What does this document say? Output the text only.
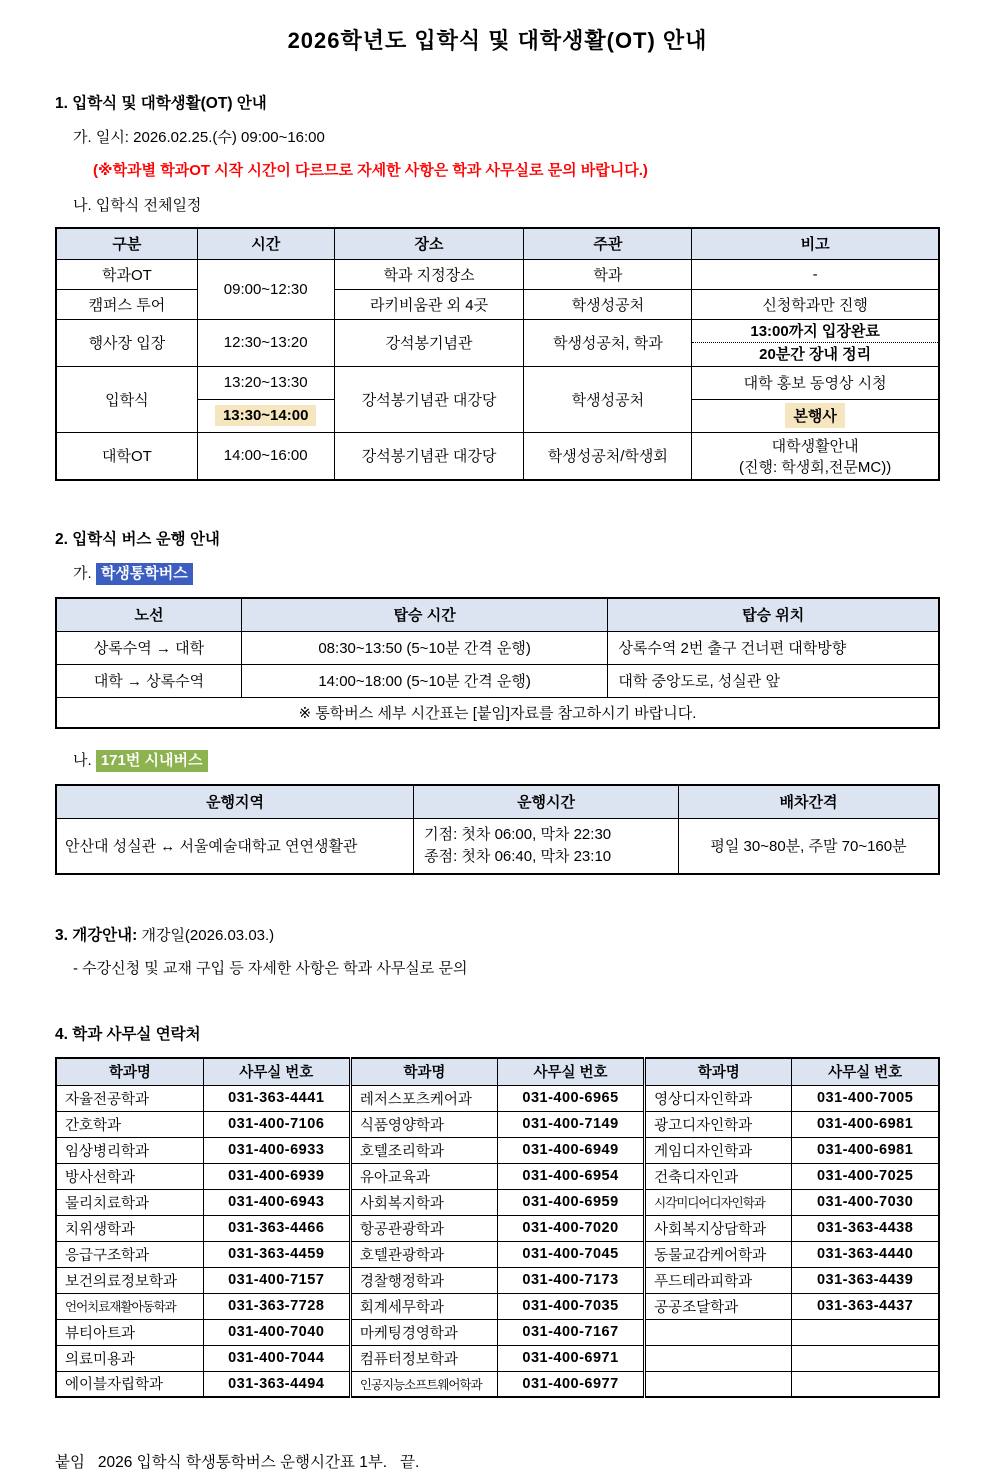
2026학년도 입학식 및 대학생활(OT) 안내
1. 입학식 및 대학생활(OT) 안내
가. 일시: 2026.02.25.(수) 09:00~16:00
(※학과별 학과OT 시작 시간이 다르므로 자세한 사항은 학과 사무실로 문의 바랍니다.)
나. 입학식 전체일정
구분	시간	장소	주관	비고
학과OT	09:00~12:30	학과 지정장소	학과	-
캠퍼스 투어		라키비움관 외 4곳	학생성공처	신청학과만 진행
행사장 입장	12:30~13:20	강석봉기념관	학생성공처, 학과	13:00까지 입장완료
20분간 장내 정리

입학식	13:20~13:30	강석봉기념관 대강당	학생성공처	대학 홍보 동영상 시청
	13:30~14:00			본행사
대학OT	14:00~16:00	강석봉기념관 대강당	학생성공처/학생회	대학생활안내
(진행: 학생회,전문MC))
2. 입학식 버스 운행 안내
가. 학생통학버스
노선	탑승 시간	탑승 위치
상록수역 → 대학	08:30~13:50 (5~10분 간격 운행)	상록수역 2번 출구 건너편 대학방향
대학 → 상록수역	14:00~18:00 (5~10분 간격 운행)	대학 중앙도로, 성실관 앞
※ 통학버스 세부 시간표는 [붙임]자료를 참고하시기 바랍니다.		
나. 171번 시내버스
운행지역	운행시간	배차간격
안산대 성실관 ↔ 서울예술대학교 연연생활관	기점: 첫차 06:00, 막차 22:30
종점: 첫차 06:40, 막차 23:10	평일 30~80분, 주말 70~160분
3. 개강안내: 개강일(2026.03.03.)
- 수강신청 및 교재 구입 등 자세한 사항은 학과 사무실로 문의
4. 학과 사무실 연락처
학과명	사무실 번호	학과명	사무실 번호	학과명	사무실 번호
자율전공학과	031-363-4441	레저스포츠케어과	031-400-6965	영상디자인학과	031-400-7005
간호학과	031-400-7106	식품영양학과	031-400-7149	광고디자인학과	031-400-6981
임상병리학과	031-400-6933	호텔조리학과	031-400-6949	게임디자인학과	031-400-6981
방사선학과	031-400-6939	유아교육과	031-400-6954	건축디자인과	031-400-7025
물리치료학과	031-400-6943	사회복지학과	031-400-6959	시각미디어디자인학과	031-400-7030
치위생학과	031-363-4466	항공관광학과	031-400-7020	사회복지상담학과	031-363-4438
응급구조학과	031-363-4459	호텔관광학과	031-400-7045	동물교감케어학과	031-363-4440
보건의료정보학과	031-400-7157	경찰행정학과	031-400-7173	푸드테라피학과	031-363-4439
언어치료재활아동학과	031-363-7728	회계세무학과	031-400-7035	공공조달학과	031-363-4437
뷰티아트과	031-400-7040	마케팅경영학과	031-400-7167		
의료미용과	031-400-7044	컴퓨터정보학과	031-400-6971		
에이블자립학과	031-363-4494	인공지능소프트웨어학과	031-400-6977		
붙임   2026 입학식 학생통학버스 운행시간표 1부.   끝.
